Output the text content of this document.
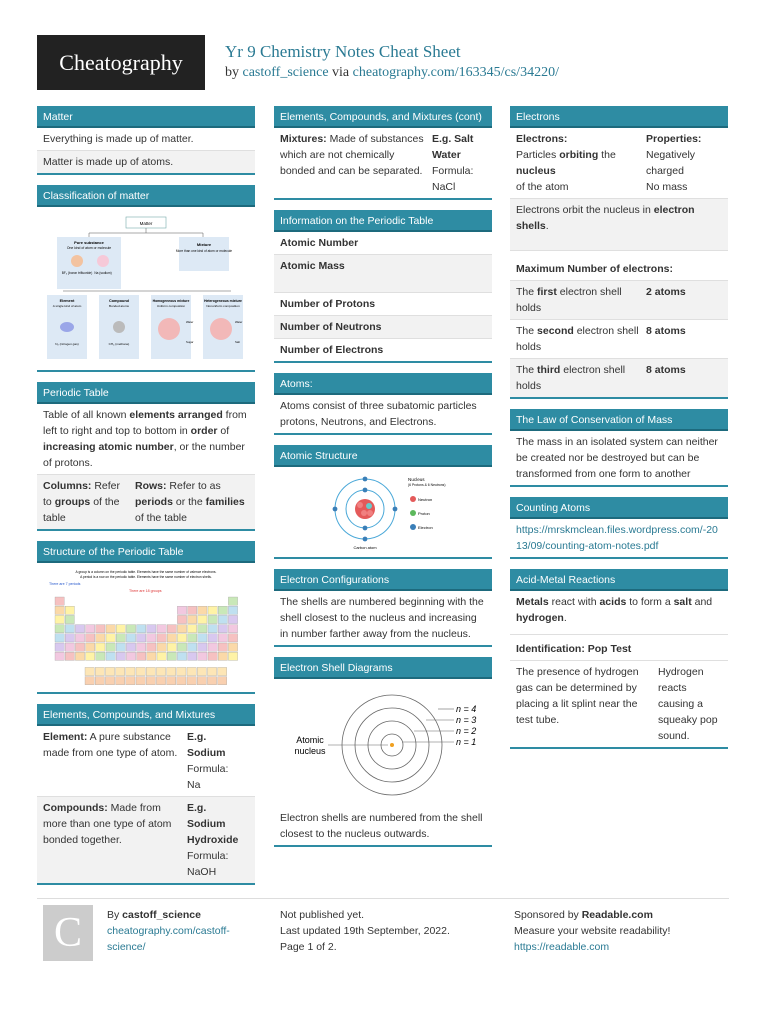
Cheatography	Yr 9 Chemistry Notes Cheat Sheet
by castoff_science via cheatography.com/163345/cs/34220/
Matter
Everything is made up of matter.
Matter is made up of atoms.
Classification of matter
Matter
Pure substance
One kind of atom or molecule
BF₃ (boron trifluoride) Na (sodium)
Mixture
More than one kind of atom or molecule
Element
A single kind of atom
Compound
Bonded atoms
Homogeneous mixture
Uniform composition
Heterogeneous mixture
Nonuniform composition
N₂ (nitrogen gas)	CH₄ (methane)
Water
Sugar
Water
Salt
Periodic Table
Table of all known elements arranged from left to right and top to bottom in order of increasing atomic number, or the number of protons.
Columns: Refer to groups of the table
Rows: Refer to as periods or the families of the table
Structure of the Periodic Table
A group is a column on the periodic table. Elements have the same number of valence electrons.
A period is a row on the periodic table. Elements have the same number of electron shells.
There are 7 periods
There are 18 groups
Elements, Compounds, and Mixtures
Element: A pure substance made from one type of atom.
E.g.
Sodium
Formula:
Na
Compounds: Made from more than one type of atom bonded together.
E.g.
Sodium
Hydroxide
Formula:
NaOH
Elements, Compounds, and Mixtures (cont)
Mixtures: Made of substances which are not chemically bonded and can be separated.
E.g. Salt
Water
Formula:
NaCl
Information on the Periodic Table
Atomic Number
Atomic Mass
Number of Protons
Number of Neutrons
Number of Electrons
Atoms:
Atoms consist of three subatomic particles protons, Neutrons, and Electrons.
Atomic Structure
Nucleus
(6 Protons & 6 Neutrons)
Neutron
Proton
Electron
Carbon atom
Electron Configurations
The shells are numbered beginning with the shell closest to the nucleus and increasing in number farther away from the nucleus.
Electron Shell Diagrams
Atomic
nucleus
n = 4
n = 3
n = 2
n = 1
Electron shells are numbered from the shell closest to the nucleus outwards.
Electrons
Electrons:
Particles orbiting the nucleus
of the atom
Properties:
Negatively charged
No mass
Electrons orbit the nucleus in electron shells.
Maximum Number of electrons:
The first electron shell holds
2 atoms
The second electron shell holds
8 atoms
The third electron shell holds
8 atoms
The Law of Conservation of Mass
The mass in an isolated system can neither be created nor be destroyed but can be transformed from one form to another
Counting Atoms
https://mrskmclean.files.wordpress.com/-2013/09/counting-atom-notes.pdf
Acid-Metal Reactions
Metals react with acids to form a salt and hydrogen.
Identification: Pop Test
The presence of hydrogen gas can be determined by placing a lit splint near the test tube.
Hydrogen reacts causing a squeaky pop sound.
C	By castoff_science
cheatography.com/castoff-science/
Not published yet.
Last updated 19th September, 2022.
Page 1 of 2.
Sponsored by Readable.com
Measure your website readability!
https://readable.com
